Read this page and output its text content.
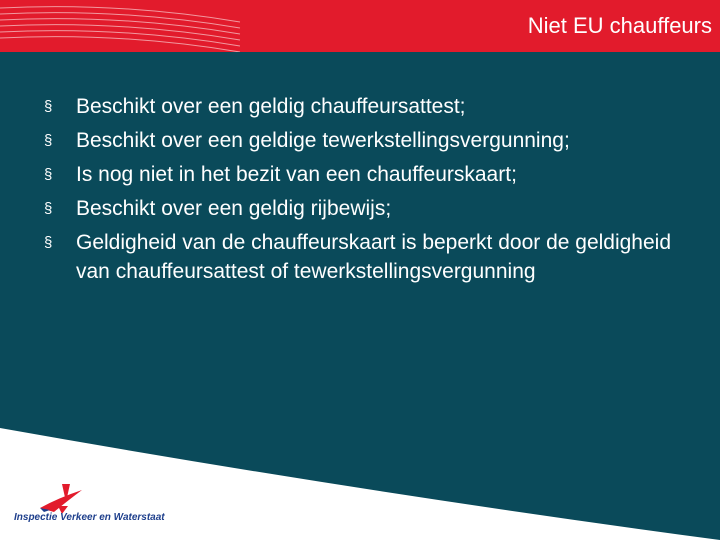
Niet EU chauffeurs
§ Beschikt over een geldig chauffeursattest;
§ Beschikt over een geldige tewerkstellingsvergunning;
§ Is nog niet in het bezit van een chauffeurskaart;
§ Beschikt over een geldig rijbewijs;
§ Geldigheid van de chauffeurskaart is beperkt door de geldigheid van chauffeursattest of tewerkstellingsvergunning
Inspectie Verkeer en Waterstaat
